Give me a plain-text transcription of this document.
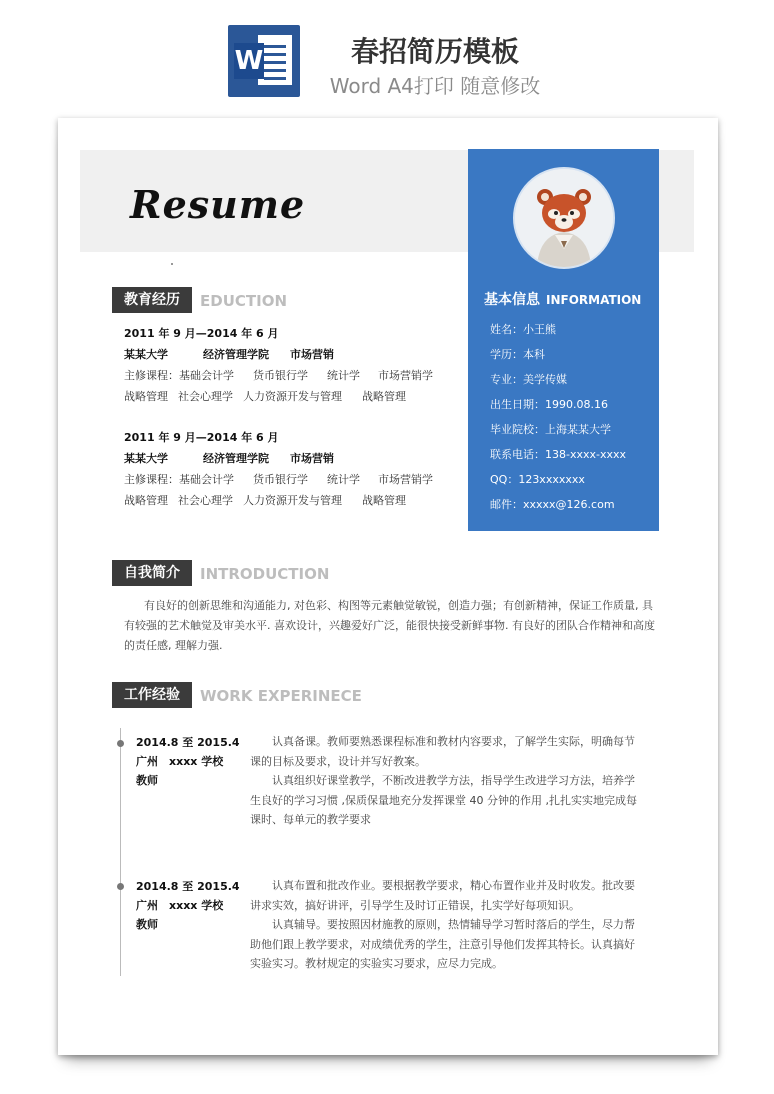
W	春招简历模板
Word A4打印 随意修改
Resume
基本信息 INFORMATION
姓名：小王熊
学历：本科
专业：美学传媒
出生日期：1990.08.16
毕业院校：上海某某大学
联系电话：138-xxxx-xxxx
QQ：123xxxxxxx
邮件：xxxxx@126.com
教育经历 EDUCTION
2011 年 9 月—2014 年 6 月
某某大学	经济管理学院 市场营销
主修课程：基础会计学 货币银行学 统计学 市场营销学
战略管理 社会心理学 人力资源开发与管理 战略管理
2011 年 9 月—2014 年 6 月
某某大学	经济管理学院 市场营销
主修课程：基础会计学 货币银行学 统计学 市场营销学
战略管理 社会心理学 人力资源开发与管理 战略管理
自我简介 INTRODUCTION

有良好的创新思维和沟通能力, 对色彩、构图等元素触觉敏锐，创造力强；有创新精神，保证工作质量, 具

有较强的艺术触觉及审美水平. 喜欢设计，兴趣爱好广泛，能很快接受新鲜事物. 有良好的团队合作精神和高度

的责任感, 理解力强.

工作经验 WORK EXPERINECE
2014.8 至 2015.4
广州　xxxx 学校
教师

认真备课。教师要熟悉课程标准和教材内容要求，了解学生实际，明确每节课的目标及要求，设计并写好教案。

认真组织好课堂教学，不断改进教学方法，指导学生改进学习方法，培养学生良好的学习习惯 ,保质保量地充分发挥课堂 40 分钟的作用 ,扎扎实实地完成每课时、每单元的教学要求

2014.8 至 2015.4
广州　xxxx 学校
教师

认真布置和批改作业。要根据教学要求，精心布置作业并及时收发。批改要讲求实效，搞好讲评，引导学生及时订正错误，扎实学好每项知识。

认真辅导。要按照因材施教的原则，热情辅导学习暂时落后的学生，尽力帮助他们跟上教学要求，对成绩优秀的学生，注意引导他们发挥其特长。认真搞好实验实习。教材规定的实验实习要求，应尽力完成。
